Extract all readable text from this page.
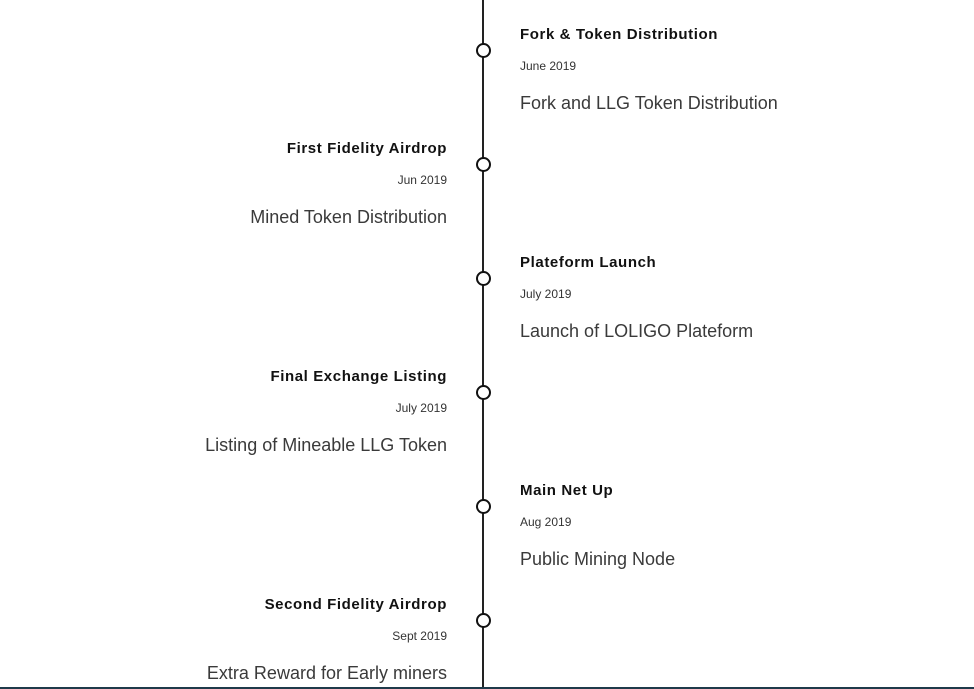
Fork & Token Distribution
June 2019
Fork and LLG Token Distribution
First Fidelity Airdrop
Jun 2019
Mined Token Distribution
Plateform Launch
July 2019
Launch of LOLIGO Plateform
Final Exchange Listing
July 2019
Listing of Mineable LLG Token
Main Net Up
Aug 2019
Public Mining Node
Second Fidelity Airdrop
Sept 2019
Extra Reward for Early miners
